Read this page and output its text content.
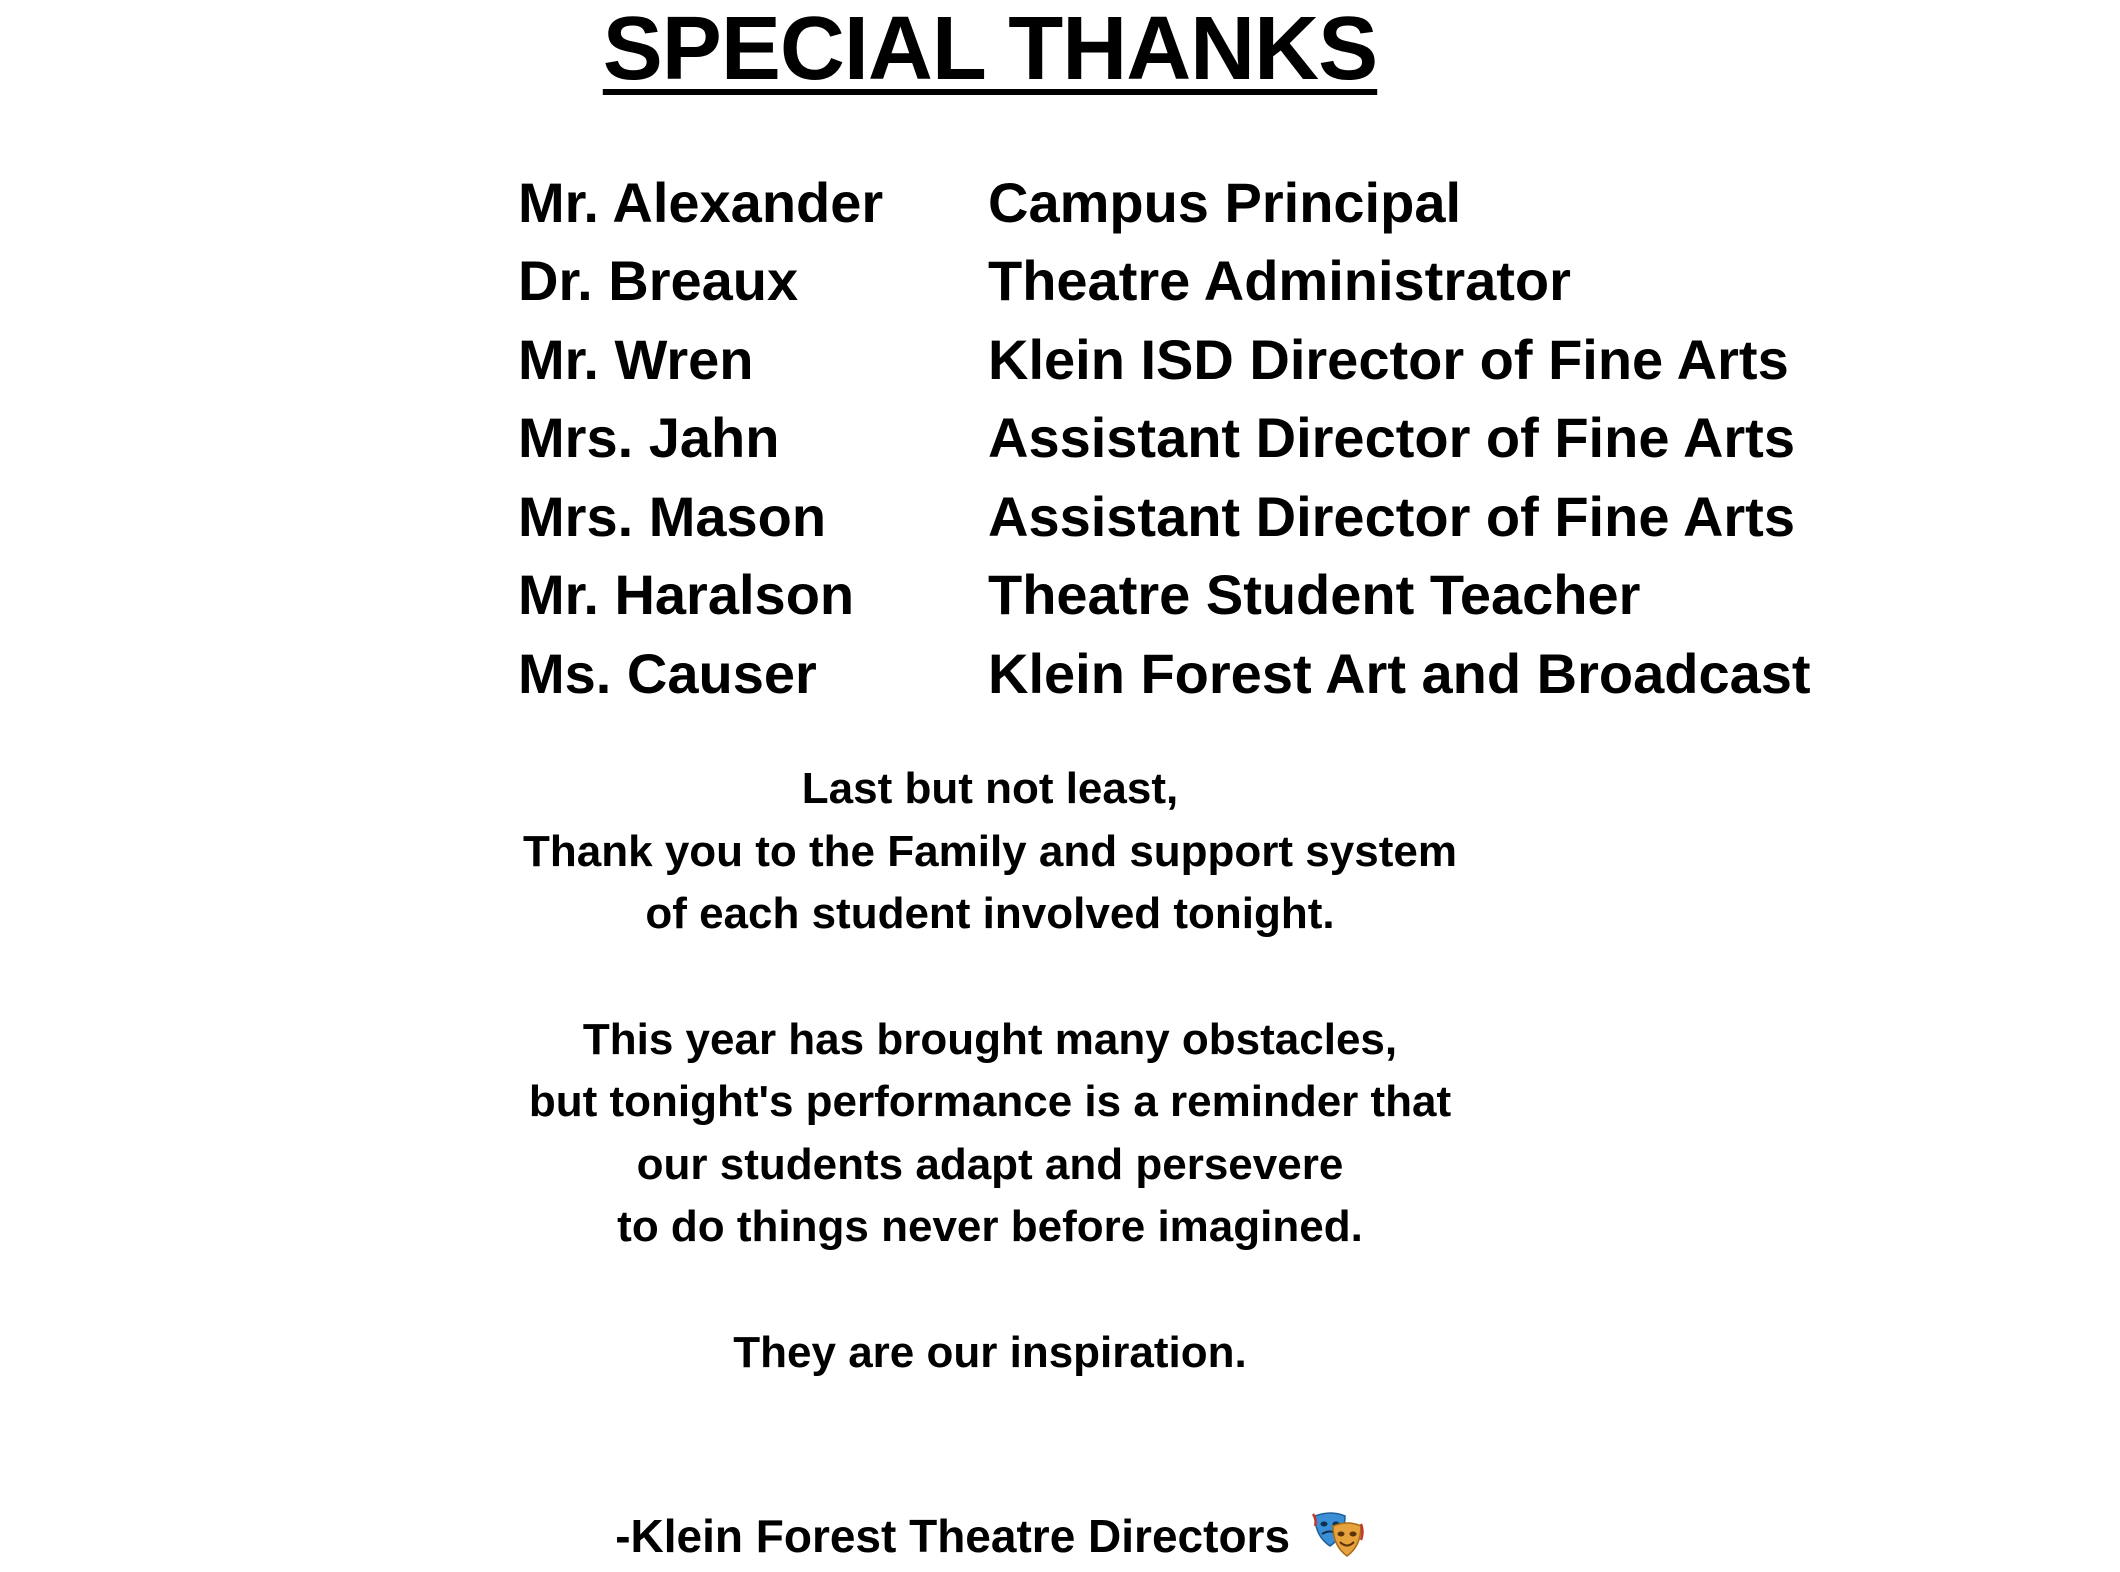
SPECIAL THANKS
Mr. Alexander	Campus Principal
Dr. Breaux	Theatre Administrator
Mr. Wren	Klein ISD Director of Fine Arts
Mrs. Jahn	Assistant Director of Fine Arts
Mrs. Mason	Assistant Director of Fine Arts
Mr. Haralson	Theatre Student Teacher
Ms. Causer	Klein Forest Art and Broadcast
Last but not least,
Thank you to the Family and support system
of each student involved tonight.
This year has brought many obstacles,
but tonight's performance is a reminder that
our students adapt and persevere
to do things never before imagined.
They are our inspiration.
-Klein Forest Theatre Directors
